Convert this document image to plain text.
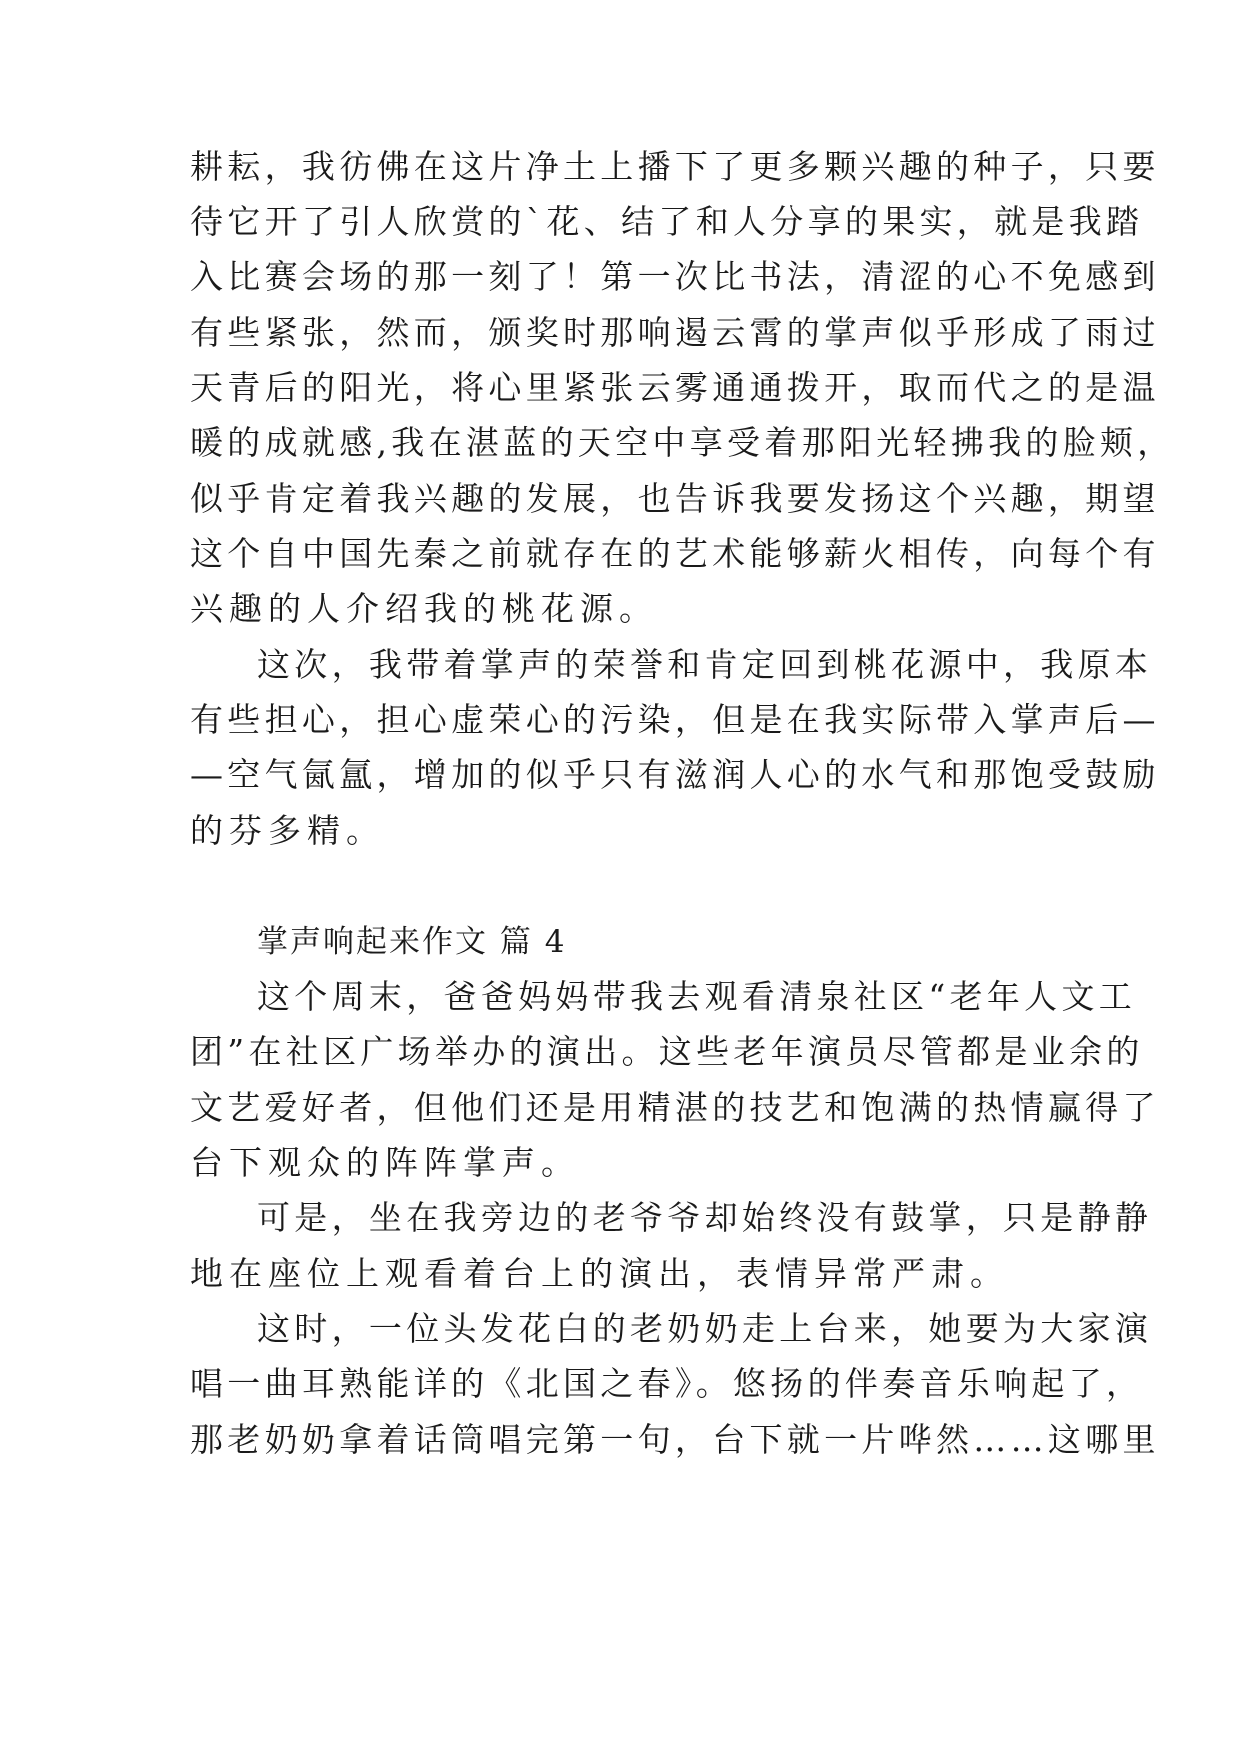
耕耘，我彷佛在这片净土上播下了更多颗兴趣的种子，只要
待它开了引人欣赏的`花、结了和人分享的果实，就是我踏
入比赛会场的那一刻了！第一次比书法，清涩的心不免感到
有些紧张，然而，颁奖时那响遏云霄的掌声似乎形成了雨过
天青后的阳光，将心里紧张云雾通通拨开，取而代之的是温
暖的成就感,我在湛蓝的天空中享受着那阳光轻拂我的脸颊，
似乎肯定着我兴趣的发展，也告诉我要发扬这个兴趣，期望
这个自中国先秦之前就存在的艺术能够薪火相传，向每个有
兴趣的人介绍我的桃花源。
这次，我带着掌声的荣誉和肯定回到桃花源中，我原本
有些担心，担心虚荣心的污染，但是在我实际带入掌声后—
—空气氤氲，增加的似乎只有滋润人心的水气和那饱受鼓励
的芬多精。
掌声响起来作文 篇 4
这个周末，爸爸妈妈带我去观看清泉社区“老年人文工
团”在社区广场举办的演出。这些老年演员尽管都是业余的
文艺爱好者，但他们还是用精湛的技艺和饱满的热情赢得了
台下观众的阵阵掌声。
可是，坐在我旁边的老爷爷却始终没有鼓掌，只是静静
地在座位上观看着台上的演出，表情异常严肃。
这时，一位头发花白的老奶奶走上台来，她要为大家演
唱一曲耳熟能详的《北国之春》。悠扬的伴奏音乐响起了，
那老奶奶拿着话筒唱完第一句，台下就一片哗然……这哪里
